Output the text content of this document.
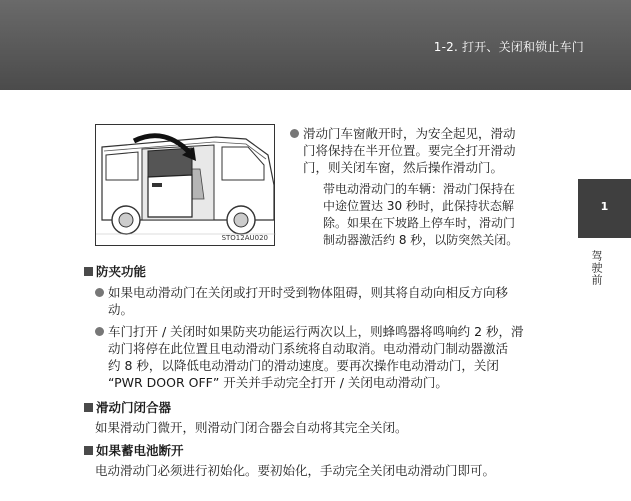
1-2. 打开、关闭和锁止车门
1
驾驶前
STO12AU020
滑动门车窗敞开时，为安全起见，滑动
门将保持在半开位置。要完全打开滑动
门，则关闭车窗，然后操作滑动门。
带电动滑动门的车辆：滑动门保持在
中途位置达 30 秒时，此保持状态解
除。如果在下坡路上停车时，滑动门
制动器激活约 8 秒，以防突然关闭。
防夹功能
如果电动滑动门在关闭或打开时受到物体阻碍，则其将自动向相反方向移
动。
车门打开 / 关闭时如果防夹功能运行两次以上，则蜂鸣器将鸣响约 2 秒，滑
动门将停在此位置且电动滑动门系统将自动取消。电动滑动门制动器激活
约 8 秒，以降低电动滑动门的滑动速度。要再次操作电动滑动门，关闭
“PWR DOOR OFF” 开关并手动完全打开 / 关闭电动滑动门。
滑动门闭合器
如果滑动门微开，则滑动门闭合器会自动将其完全关闭。
如果蓄电池断开
电动滑动门必须进行初始化。要初始化，手动完全关闭电动滑动门即可。
